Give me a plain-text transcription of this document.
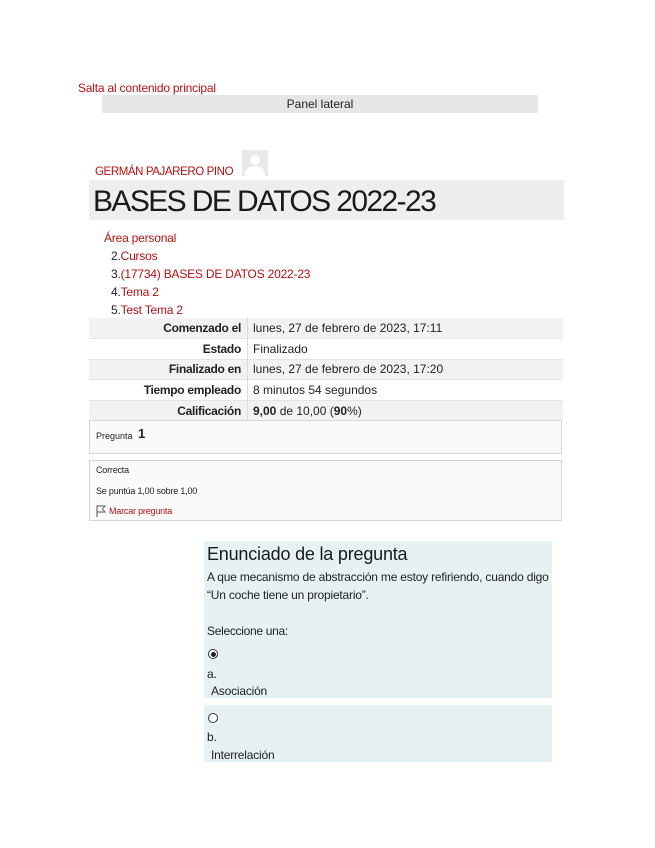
Salta al contenido principal
Panel lateral
GERMÁN PAJARERO PINO
BASES DE DATOS 2022-23
Área personal
2.Cursos
3.(17734) BASES DE DATOS 2022-23
4.Tema 2
5.Test Tema 2
Comenzado el	lunes, 27 de febrero de 2023, 17:11
Estado	Finalizado
Finalizado en	lunes, 27 de febrero de 2023, 17:20
Tiempo empleado	8 minutos 54 segundos
Calificación	9,00 de 10,00 (90%)
Pregunta 1
Correcta
Se puntúa 1,00 sobre 1,00
Marcar pregunta
Enunciado de la pregunta
A que mecanismo de abstracción me estoy refiriendo, cuando digo “Un coche tiene un propietario”.
Seleccione una:
a.
Asociación
b.
Interrelación
